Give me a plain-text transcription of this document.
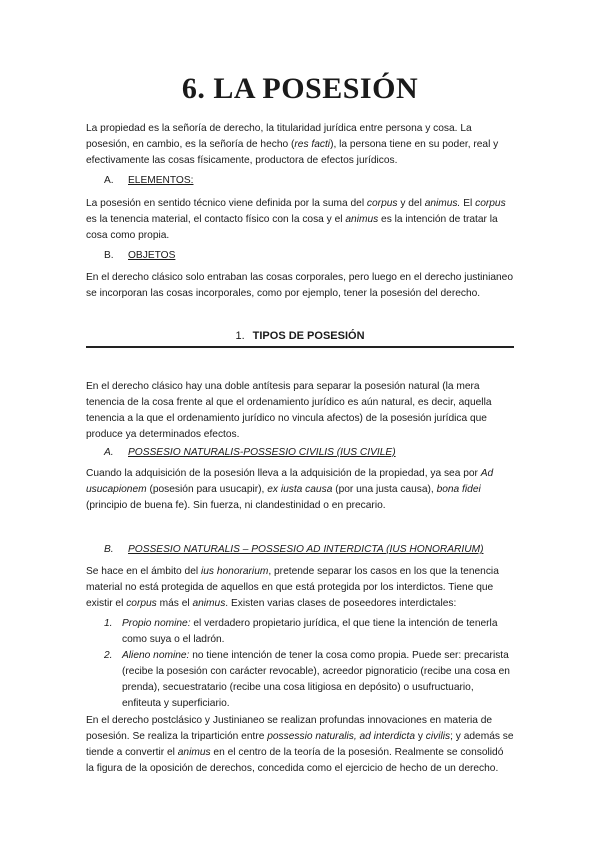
6. LA POSESIÓN

La propiedad es la señoría de derecho, la titularidad jurídica entre persona y cosa. La posesión, en cambio, es la señoría de hecho (res facti), la persona tiene en su poder, real y efectivamente las cosas físicamente, productora de efectos jurídicos.

A. ELEMENTOS:

La posesión en sentido técnico viene definida por la suma del corpus y del animus. El corpus es la tenencia material, el contacto físico con la cosa y el animus es la intención de tratar la cosa como propia.

B. OBJETOS

En el derecho clásico solo entraban las cosas corporales, pero luego en el derecho justinianeo se incorporan las cosas incorporales, como por ejemplo, tener la posesión del derecho.

1. TIPOS DE POSESIÓN

En el derecho clásico hay una doble antítesis para separar la posesión natural (la mera tenencia de la cosa frente al que el ordenamiento jurídico es aún natural, es decir, aquella tenencia a la que el ordenamiento jurídico no vincula afectos) de la posesión jurídica que produce ya determinados efectos.

A. POSSESIO NATURALIS-POSSESIO CIVILIS (IUS CIVILE)

Cuando la adquisición de la posesión lleva a la adquisición de la propiedad, ya sea por Ad usucapionem (posesión para usucapir), ex iusta causa (por una justa causa), bona fidei (principio de buena fe). Sin fuerza, ni clandestinidad o en precario.

B. POSSESIO NATURALIS – POSSESIO AD INTERDICTA (IUS HONORARIUM)

Se hace en el ámbito del ius honorarium, pretende separar los casos en los que la tenencia material no está protegida de aquellos en que está protegida por los interdictos. Tiene que existir el corpus más el animus. Existen varias clases de poseedores interdictales:

1. Propio nomine: el verdadero propietario jurídica, el que tiene la intención de tenerla como suya o el ladrón.
2. Alieno nomine: no tiene intención de tener la cosa como propia. Puede ser: precarista (recibe la posesión con carácter revocable), acreedor pignoraticio (recibe una cosa en prenda), secuestratario (recibe una cosa litigiosa en depósito) o usufructuario, enfiteuta y superficiario.

En el derecho postclásico y Justinianeo se realizan profundas innovaciones en materia de posesión. Se realiza la tripartición entre possessio naturalis, ad interdicta y civilis; y además se tiende a convertir el animus en el centro de la teoría de la posesión. Realmente se consolidó la figura de la oposición de derechos, concedida como el ejercicio de hecho de un derecho.
